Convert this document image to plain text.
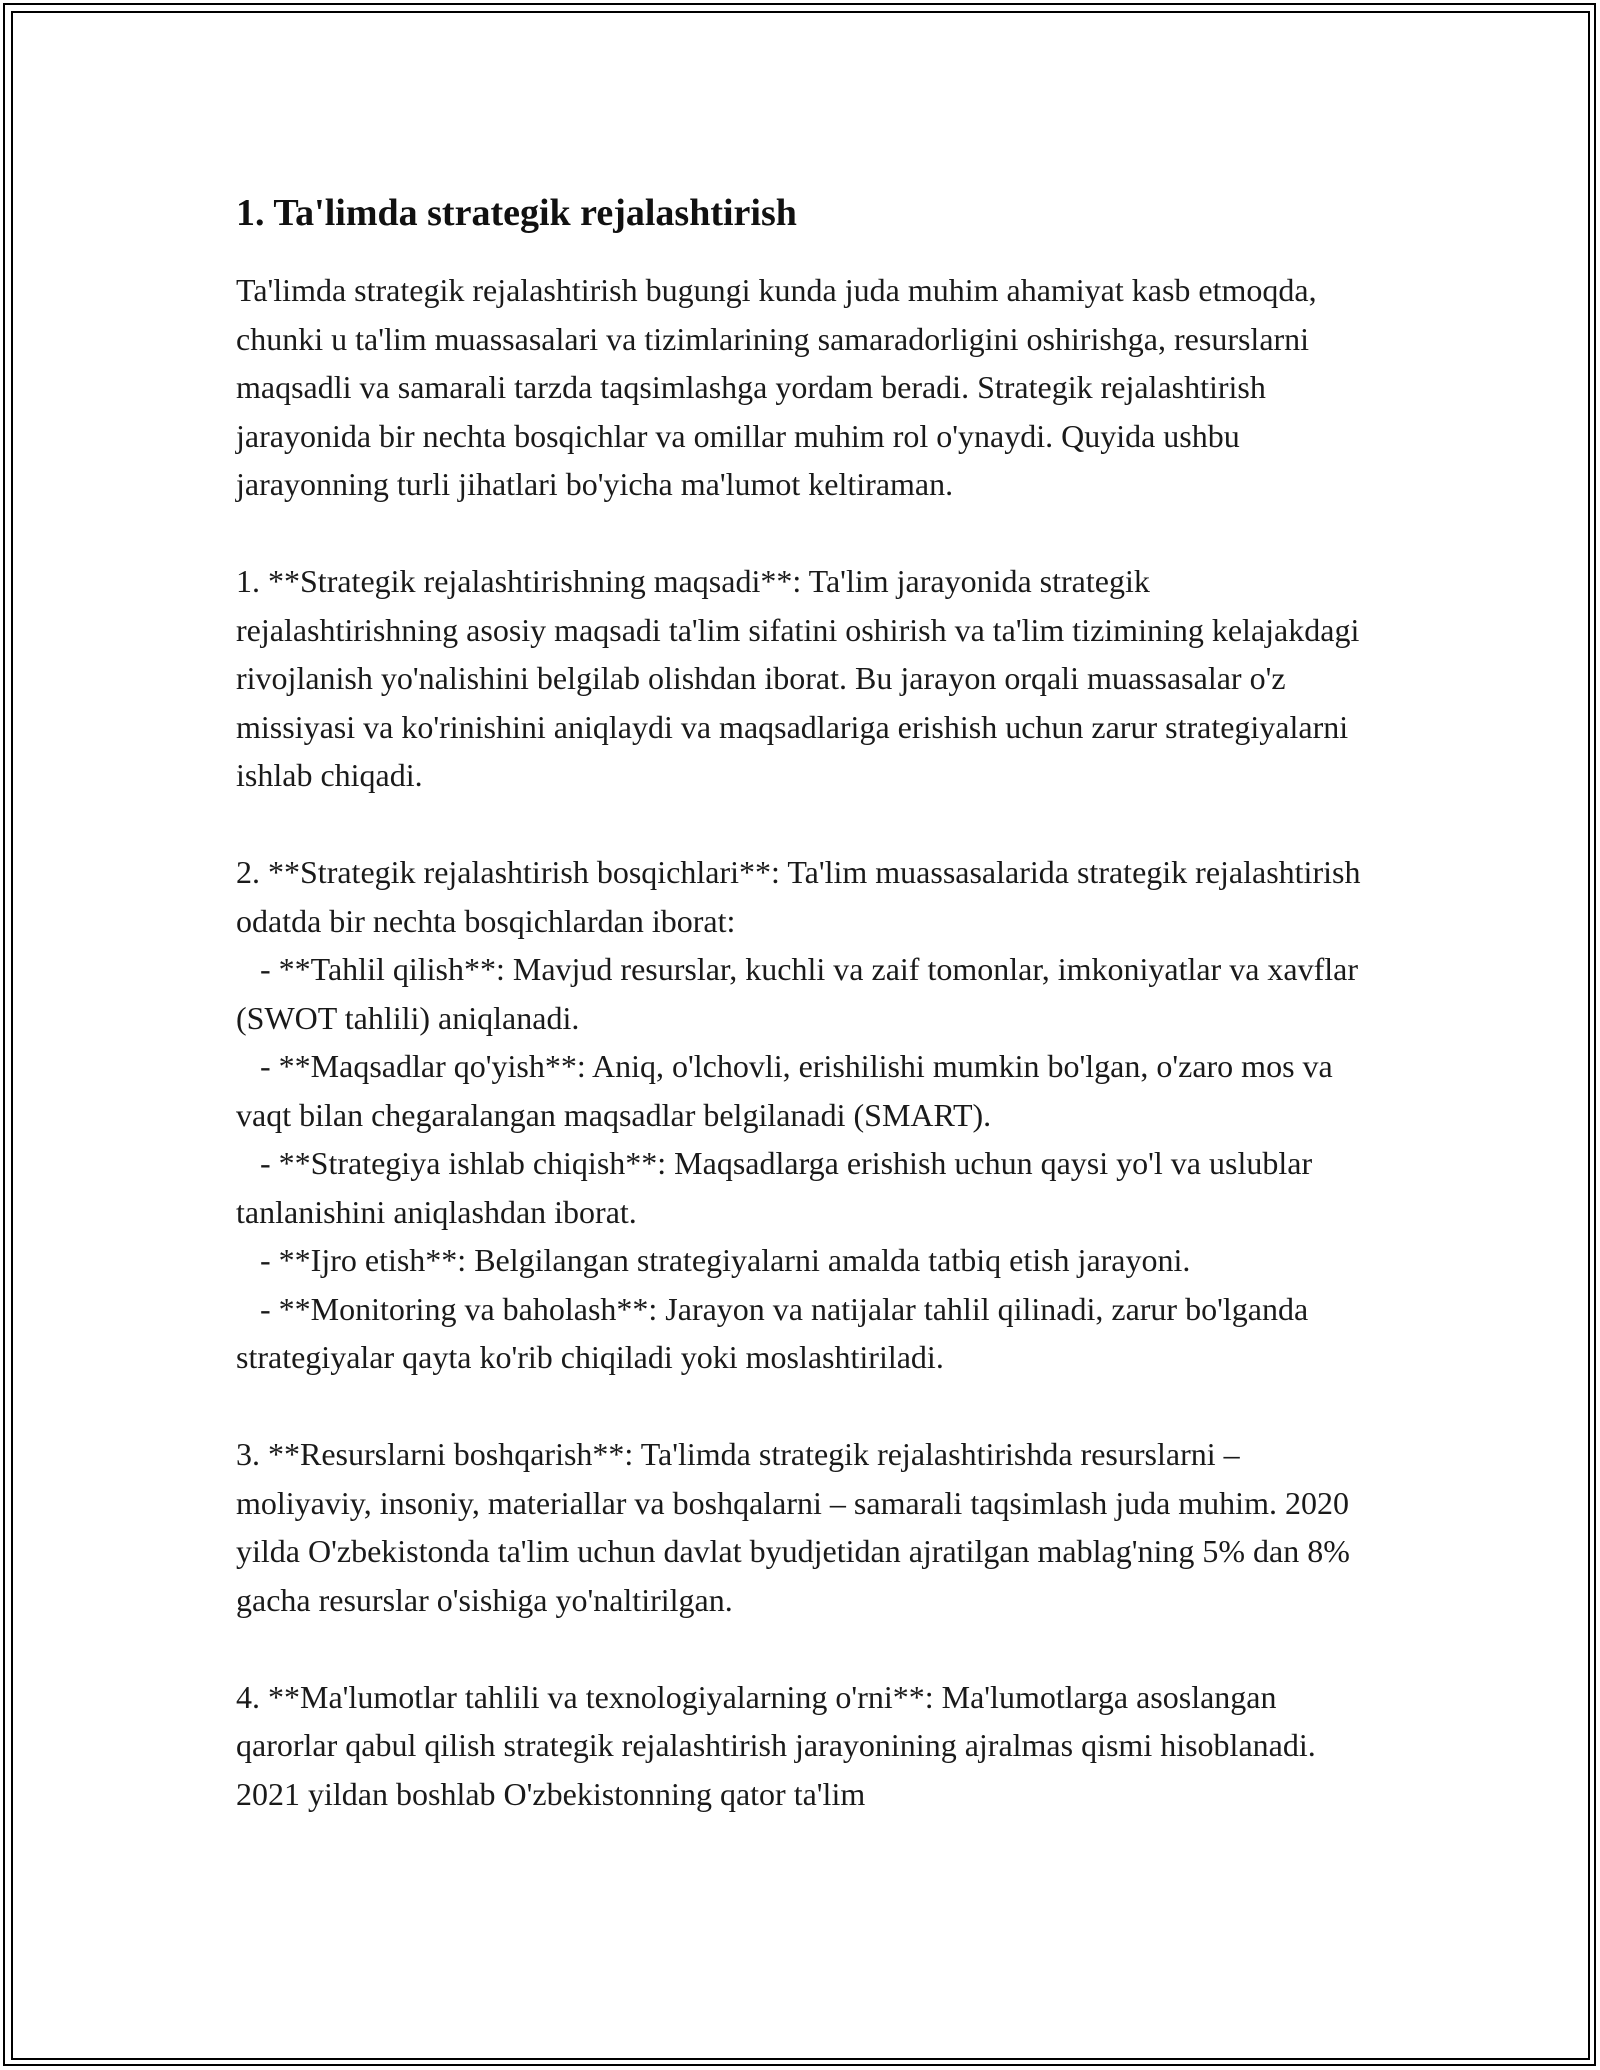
1. Ta'limda strategik rejalashtirish
Ta'limda strategik rejalashtirish bugungi kunda juda muhim ahamiyat kasb etmoqda, chunki u ta'lim muassasalari va tizimlarining samaradorligini oshirishga, resurslarni maqsadli va samarali tarzda taqsimlashga yordam beradi. Strategik rejalashtirish jarayonida bir nechta bosqichlar va omillar muhim rol o'ynaydi. Quyida ushbu jarayonning turli jihatlari bo'yicha ma'lumot keltiraman.

1. **Strategik rejalashtirishning maqsadi**: Ta'lim jarayonida strategik rejalashtirishning asosiy maqsadi ta'lim sifatini oshirish va ta'lim tizimining kelajakdagi rivojlanish yo'nalishini belgilab olishdan iborat. Bu jarayon orqali muassasalar o'z missiyasi va ko'rinishini aniqlaydi va maqsadlariga erishish uchun zarur strategiyalarni ishlab chiqadi.

2. **Strategik rejalashtirish bosqichlari**: Ta'lim muassasalarida strategik rejalashtirish odatda bir nechta bosqichlardan iborat:
- **Tahlil qilish**: Mavjud resurslar, kuchli va zaif tomonlar, imkoniyatlar va xavflar (SWOT tahlili) aniqlanadi.
- **Maqsadlar qo'yish**: Aniq, o'lchovli, erishilishi mumkin bo'lgan, o'zaro mos va vaqt bilan chegaralangan maqsadlar belgilanadi (SMART).
- **Strategiya ishlab chiqish**: Maqsadlarga erishish uchun qaysi yo'l va uslublar tanlanishini aniqlashdan iborat.
- **Ijro etish**: Belgilangan strategiyalarni amalda tatbiq etish jarayoni.
- **Monitoring va baholash**: Jarayon va natijalar tahlil qilinadi, zarur bo'lganda strategiyalar qayta ko'rib chiqiladi yoki moslashtiriladi.

3. **Resurslarni boshqarish**: Ta'limda strategik rejalashtirishda resurslarni – moliyaviy, insoniy, materiallar va boshqalarni – samarali taqsimlash juda muhim. 2020 yilda O'zbekistonda ta'lim uchun davlat byudjetidan ajratilgan mablag'ning 5% dan 8% gacha resurslar o'sishiga yo'naltirilgan.

4. **Ma'lumotlar tahlili va texnologiyalarning o'rni**: Ma'lumotlarga asoslangan qarorlar qabul qilish strategik rejalashtirish jarayonining ajralmas qismi hisoblanadi. 2021 yildan boshlab O'zbekistonning qator ta'lim
